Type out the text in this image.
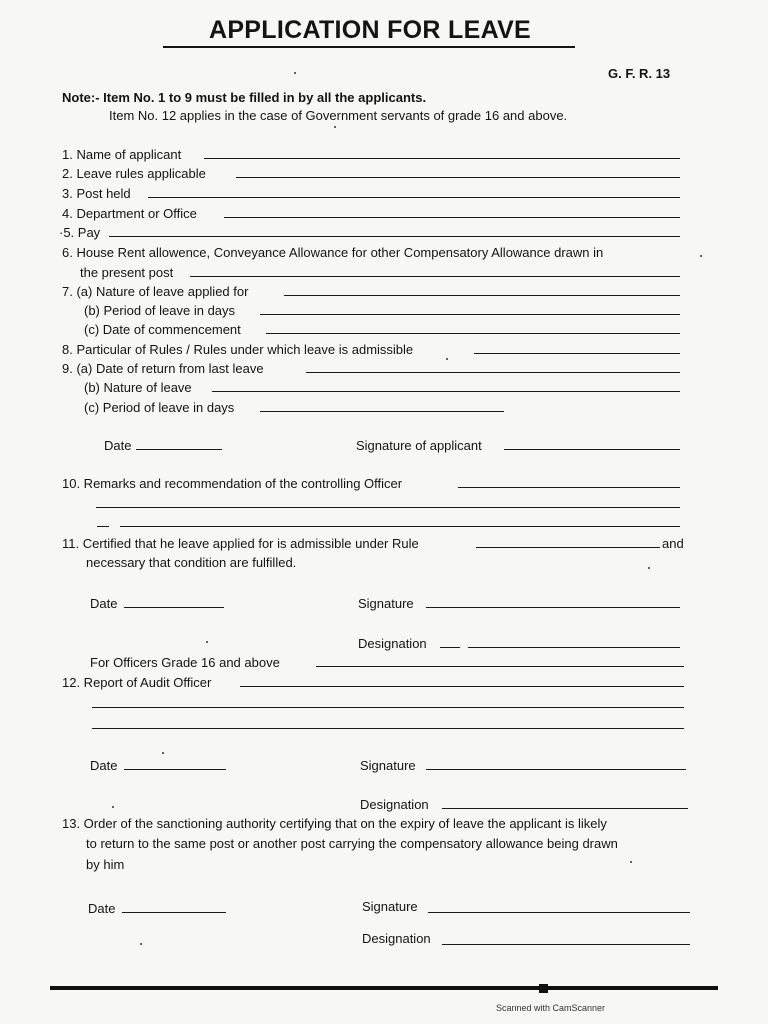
APPLICATION FOR LEAVE
G. F. R. 13
Note:- Item No. 1 to 9 must be filled in by all the applicants.
Item No. 12 applies in the case of Government servants of grade 16 and above.
1. Name of applicant
2. Leave rules applicable
3. Post held
4. Department or Office
·5. Pay
6. House Rent allowence, Conveyance Allowance for other Compensatory Allowance drawn in
the present post
7. (a) Nature of leave applied for
(b) Period of leave in days
(c) Date of commencement
8. Particular of Rules / Rules under which leave is admissible
9. (a) Date of return from last leave
(b) Nature of leave
(c) Period of leave in days
Date	Signature of applicant
10. Remarks and recommendation of the controlling Officer
11. Certified that he leave applied for is admissible under Rule	and
necessary that condition are fulfilled.
Date	Signature
Designation
For Officers Grade 16 and above
12. Report of Audit Officer
Date	Signature
Designation
13. Order of the sanctioning authority certifying that on the expiry of leave the applicant is likely
to return to the same post or another post carrying the compensatory allowance being drawn
by him
Date	Signature
Designation
Scanned with CamScanner
